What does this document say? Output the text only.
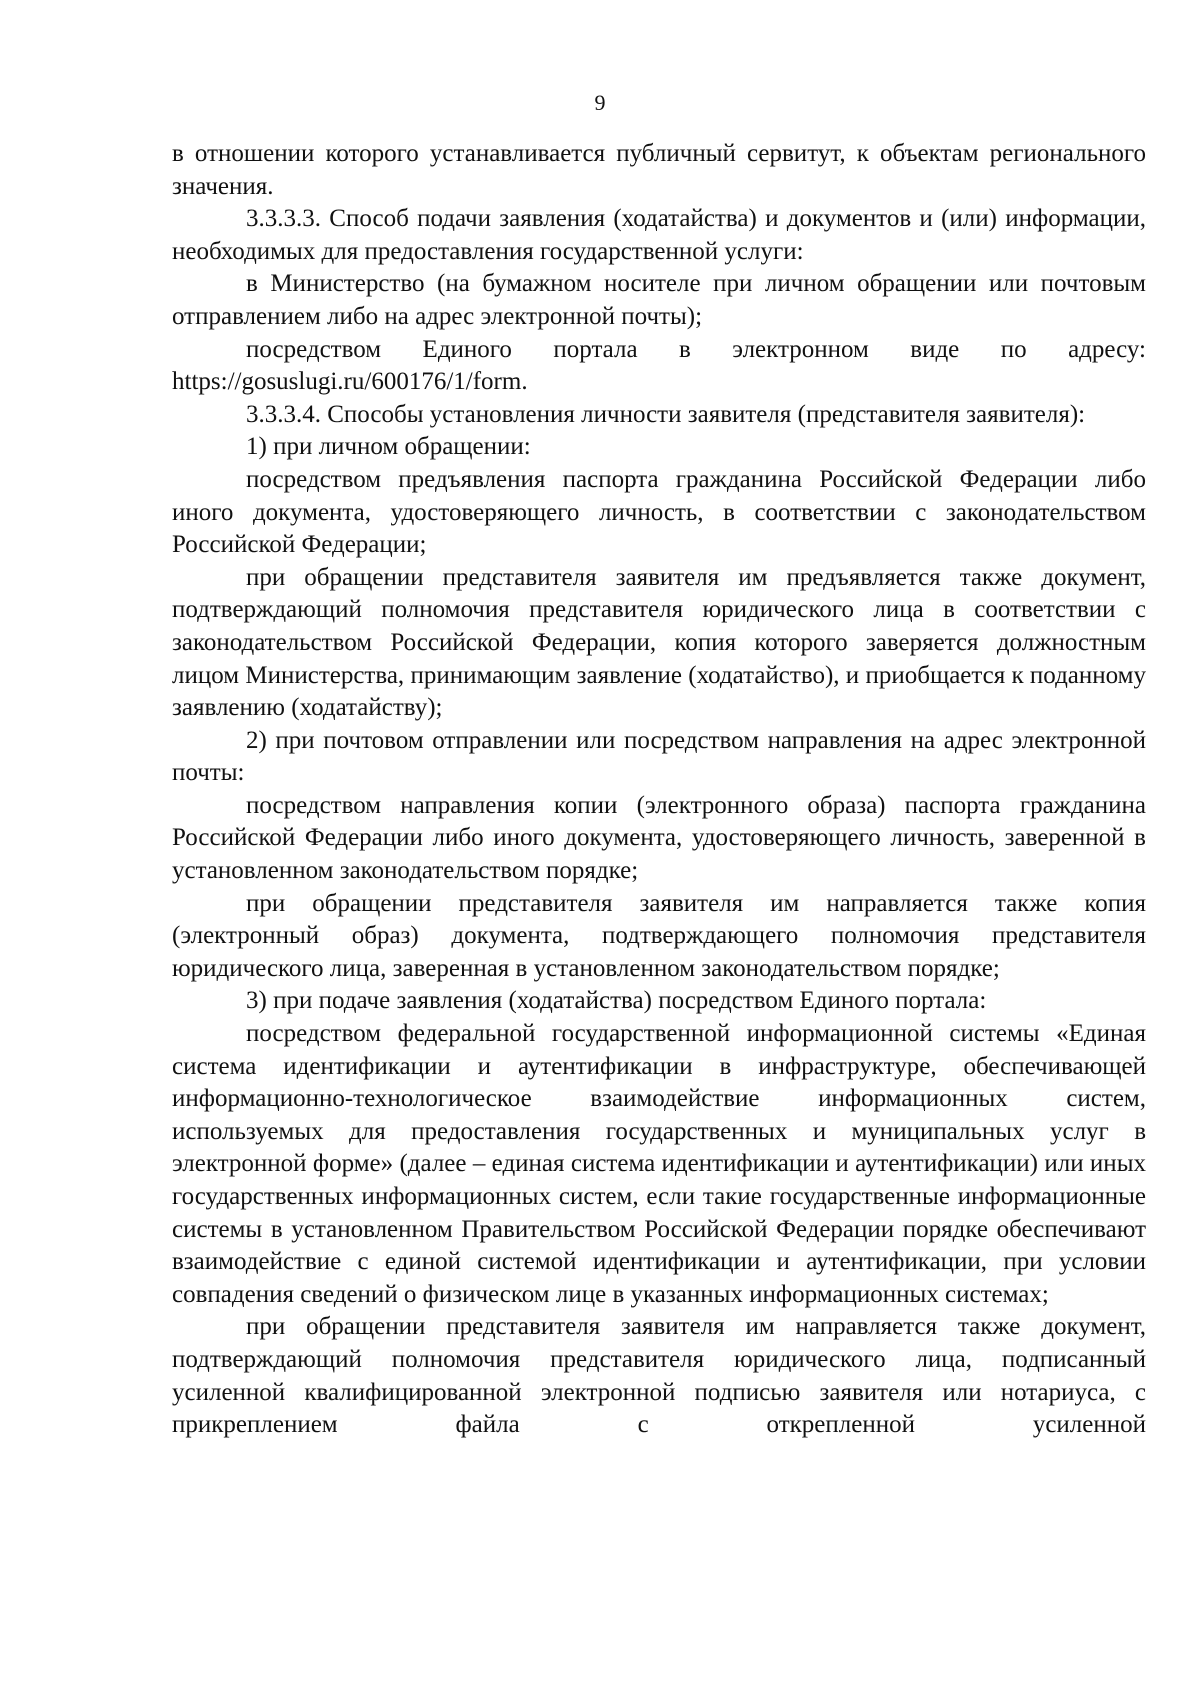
9

в отношении которого устанавливается публичный сервитут, к объектам регионального значения.

3.3.3.3. Способ подачи заявления (ходатайства) и документов и (или) информации, необходимых для предоставления государственной услуги:

в Министерство (на бумажном носителе при личном обращении или почтовым отправлением либо на адрес электронной почты);

посредством Единого портала в электронном виде по адресу: https://gosuslugi.ru/600176/1/form.

3.3.3.4. Способы установления личности заявителя (представителя заявителя):

1) при личном обращении:

посредством предъявления паспорта гражданина Российской Федерации либо иного документа, удостоверяющего личность, в соответствии с законодательством Российской Федерации;

при обращении представителя заявителя им предъявляется также документ, подтверждающий полномочия представителя юридического лица в соответствии с законодательством Российской Федерации, копия которого заверяется должностным лицом Министерства, принимающим заявление (ходатайство), и приобщается к поданному заявлению (ходатайству);

2) при почтовом отправлении или посредством направления на адрес электронной почты:

посредством направления копии (электронного образа) паспорта гражданина Российской Федерации либо иного документа, удостоверяющего личность, заверенной в установленном законодательством порядке;

при обращении представителя заявителя им направляется также копия (электронный образ) документа, подтверждающего полномочия представителя юридического лица, заверенная в установленном законодательством порядке;

3) при подаче заявления (ходатайства) посредством Единого портала:

посредством федеральной государственной информационной системы «Единая система идентификации и аутентификации в инфраструктуре, обеспечивающей информационно-технологическое взаимодействие информационных систем, используемых для предоставления государственных и муниципальных услуг в электронной форме» (далее – единая система идентификации и аутентификации) или иных государственных информационных систем, если такие государственные информационные системы в установленном Правительством Российской Федерации порядке обеспечивают взаимодействие с единой системой идентификации и аутентификации, при условии совпадения сведений о физическом лице в указанных информационных системах;

при обращении представителя заявителя им направляется также документ, подтверждающий полномочия представителя юридического лица, подписанный усиленной квалифицированной электронной подписью заявителя или нотариуса, с прикреплением файла с открепленной усиленной
